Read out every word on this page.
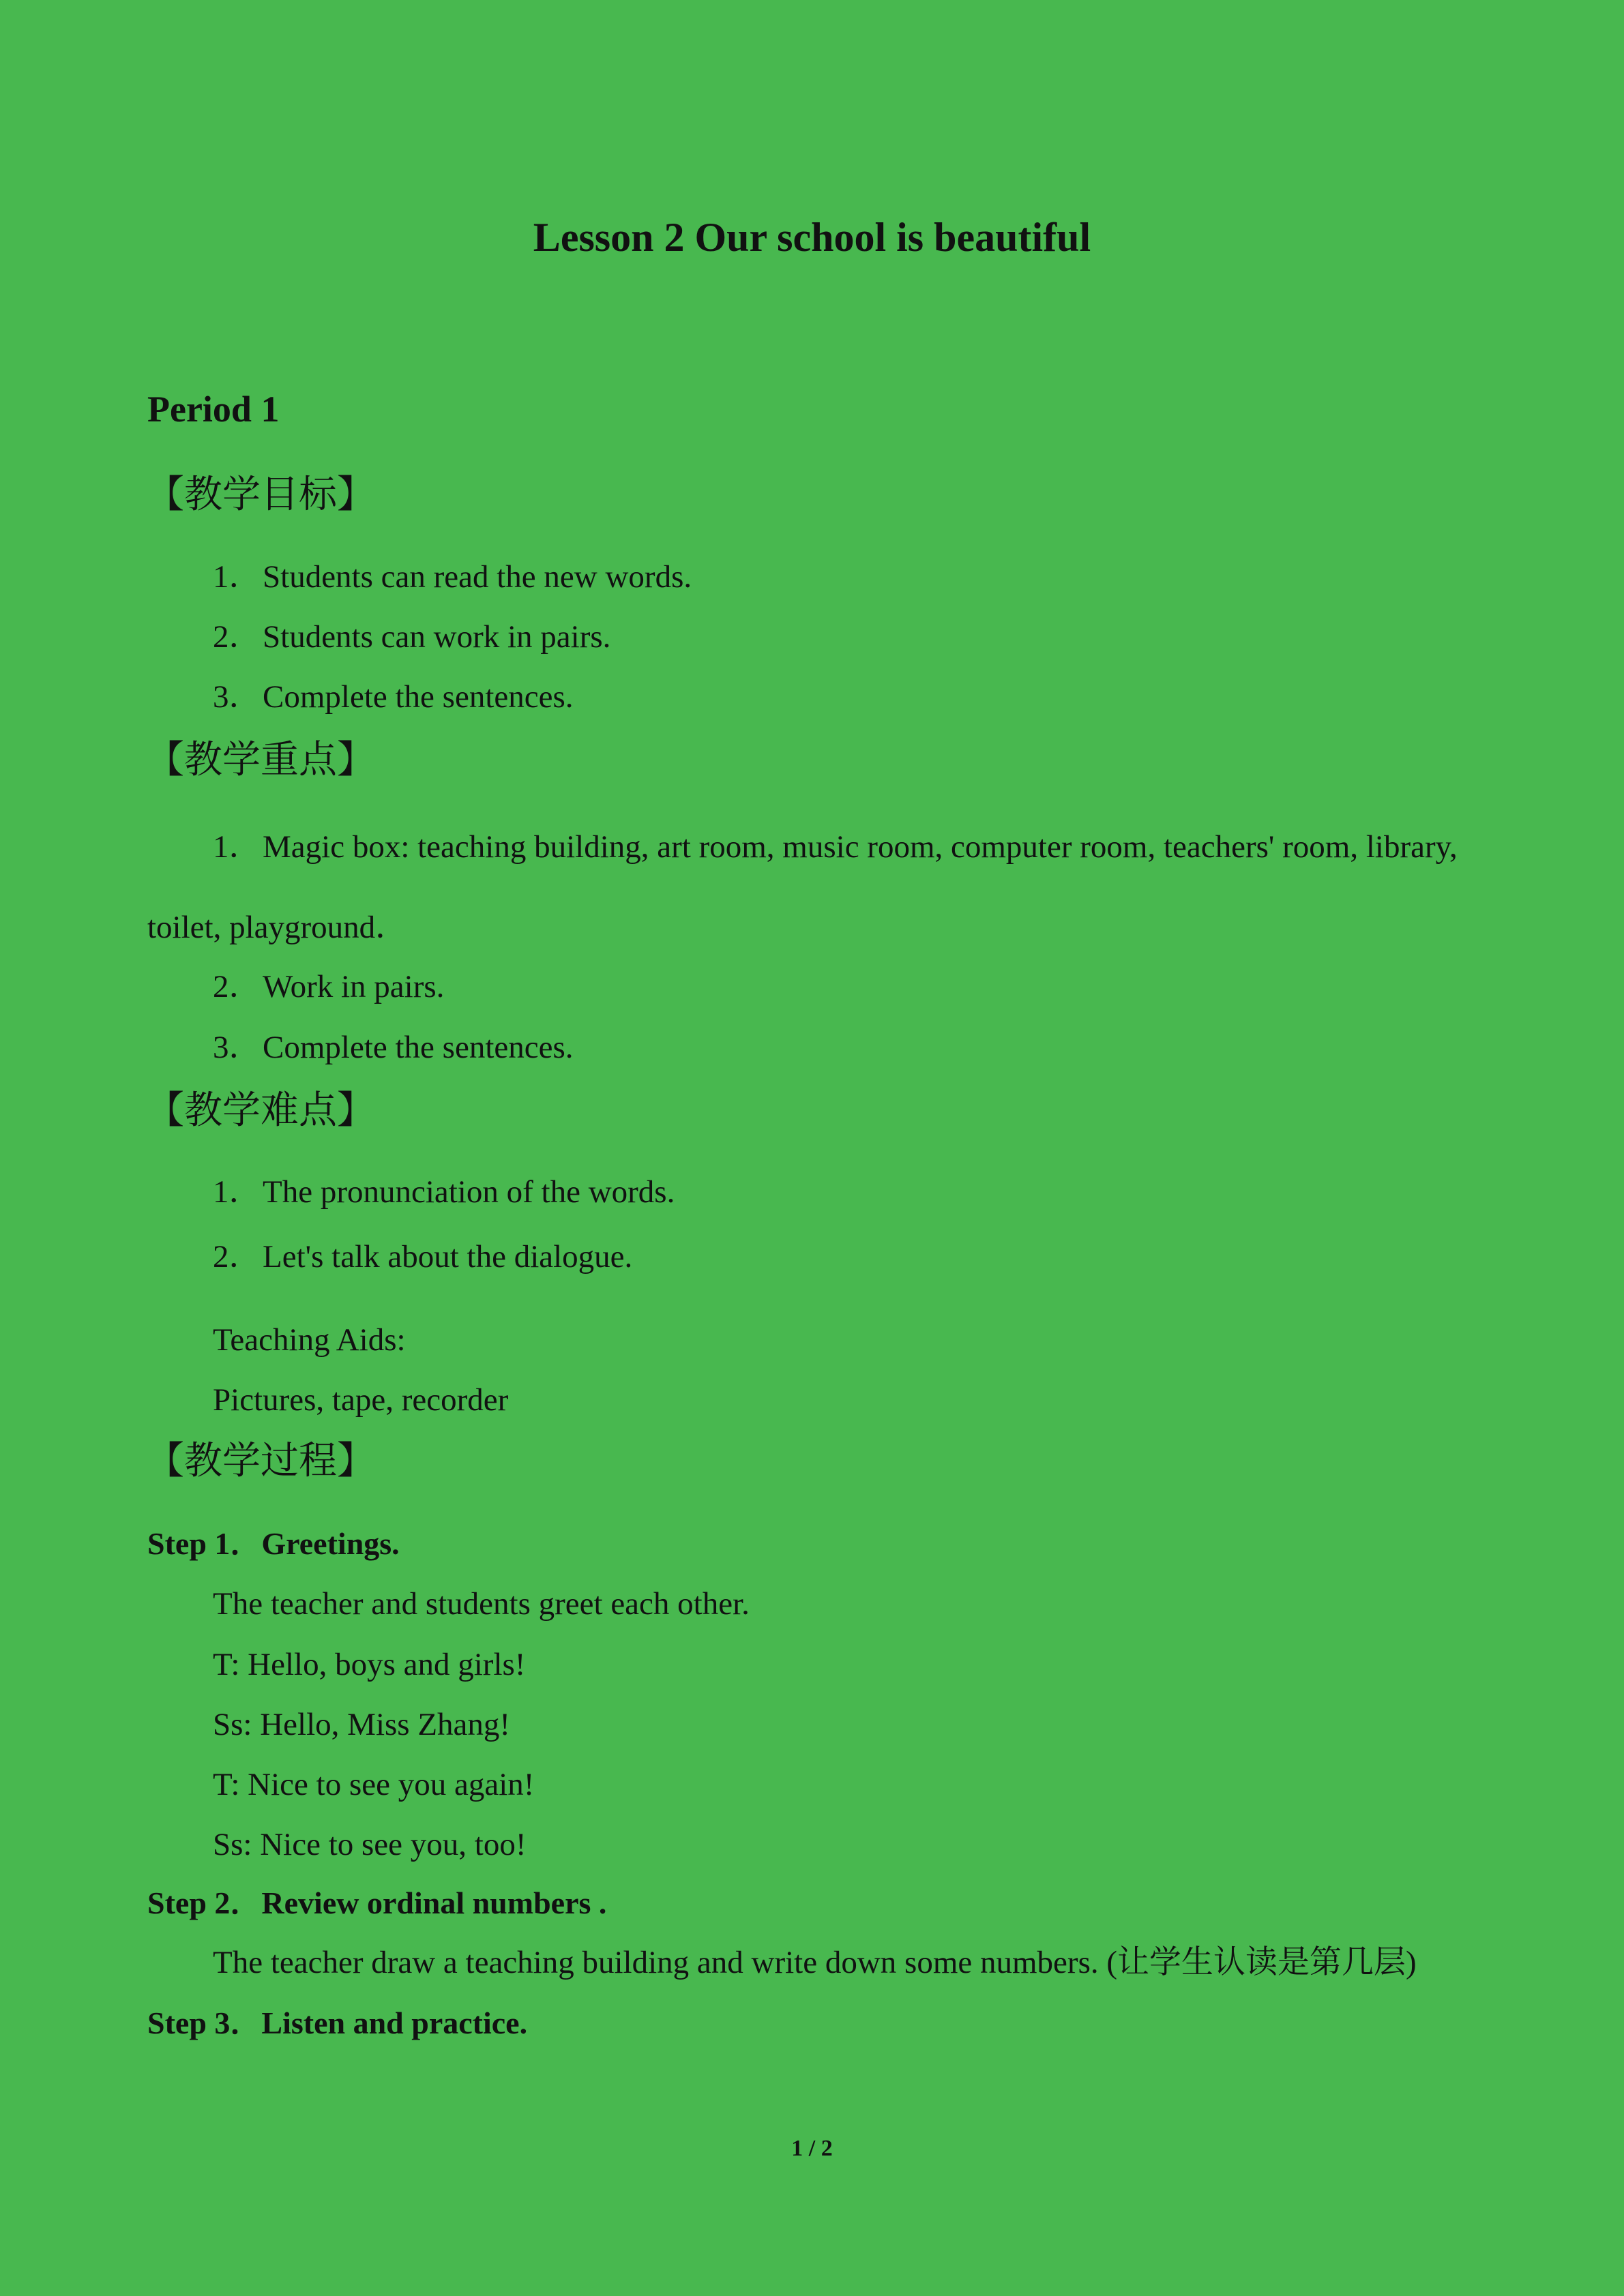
Lesson 2 Our school is beautiful
Period 1
【教学目标】
1．Students can read the new words.
2．Students can work in pairs.
3．Complete the sentences.
【教学重点】
1．Magic box: teaching building, art room, music room, computer room, teachers' room, library,
toilet, playground．
2．Work in pairs.
3．Complete the sentences.
【教学难点】
1．The pronunciation of the words.
2．Let's talk about the dialogue.
Teaching Aids:
Pictures, tape, recorder
【教学过程】
Step 1．Greetings.
The teacher and students greet each other.
T: Hello, boys and girls!
Ss: Hello, Miss Zhang!
T: Nice to see you again!
Ss: Nice to see you, too!
Step 2．Review ordinal numbers .
The teacher draw a teaching building and write down some numbers. (让学生认读是第几层)
Step 3．Listen and practice.
1 / 2
